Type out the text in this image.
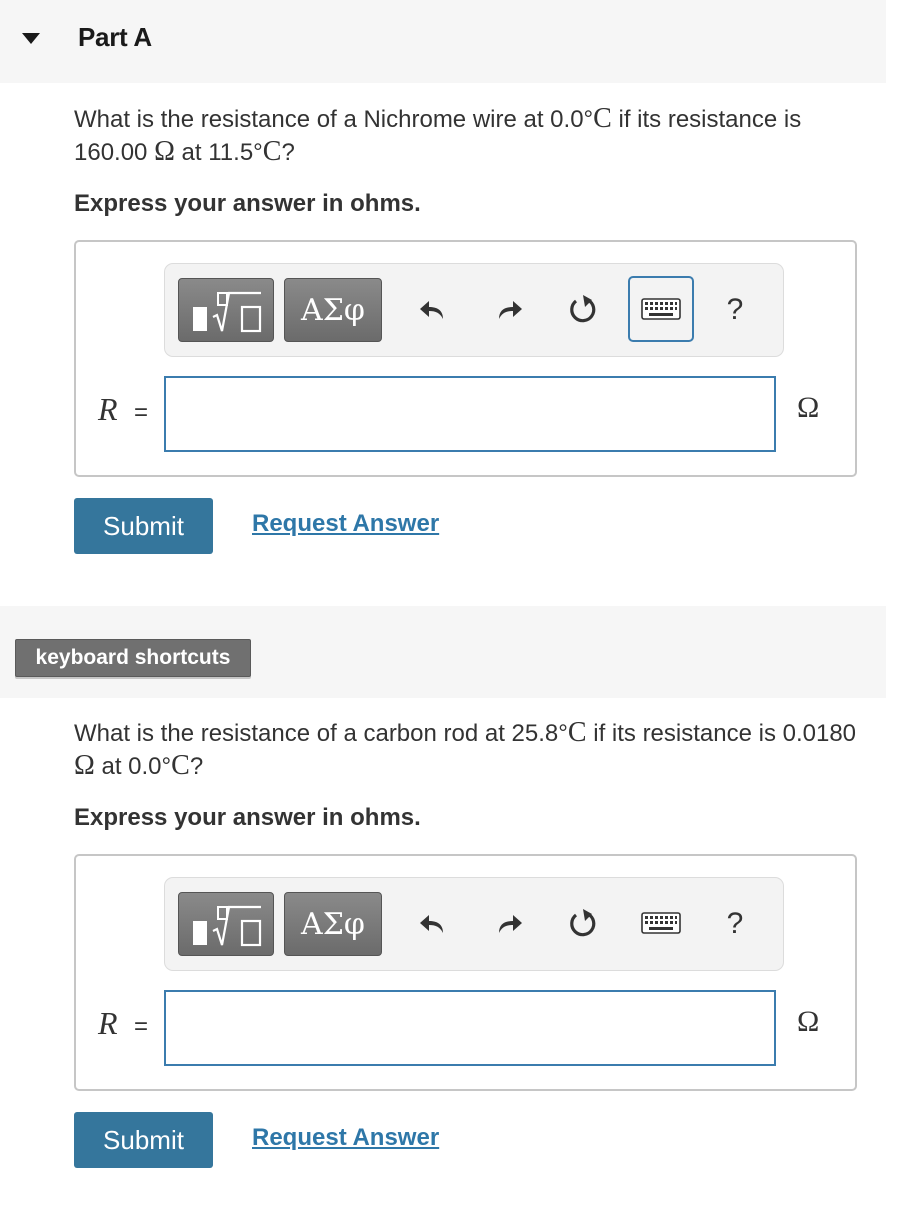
Part A
What is the resistance of a Nichrome wire at 0.0°C if its resistance is 160.00 Ω at 11.5°C?
Express your answer in ohms.
ΑΣφ	?
R =	Ω
Submit	Request Answer
keyboard shortcuts
What is the resistance of a carbon rod at 25.8°C if its resistance is 0.0180 Ω at 0.0°C?
Express your answer in ohms.
ΑΣφ	?
R =	Ω
Submit	Request Answer
